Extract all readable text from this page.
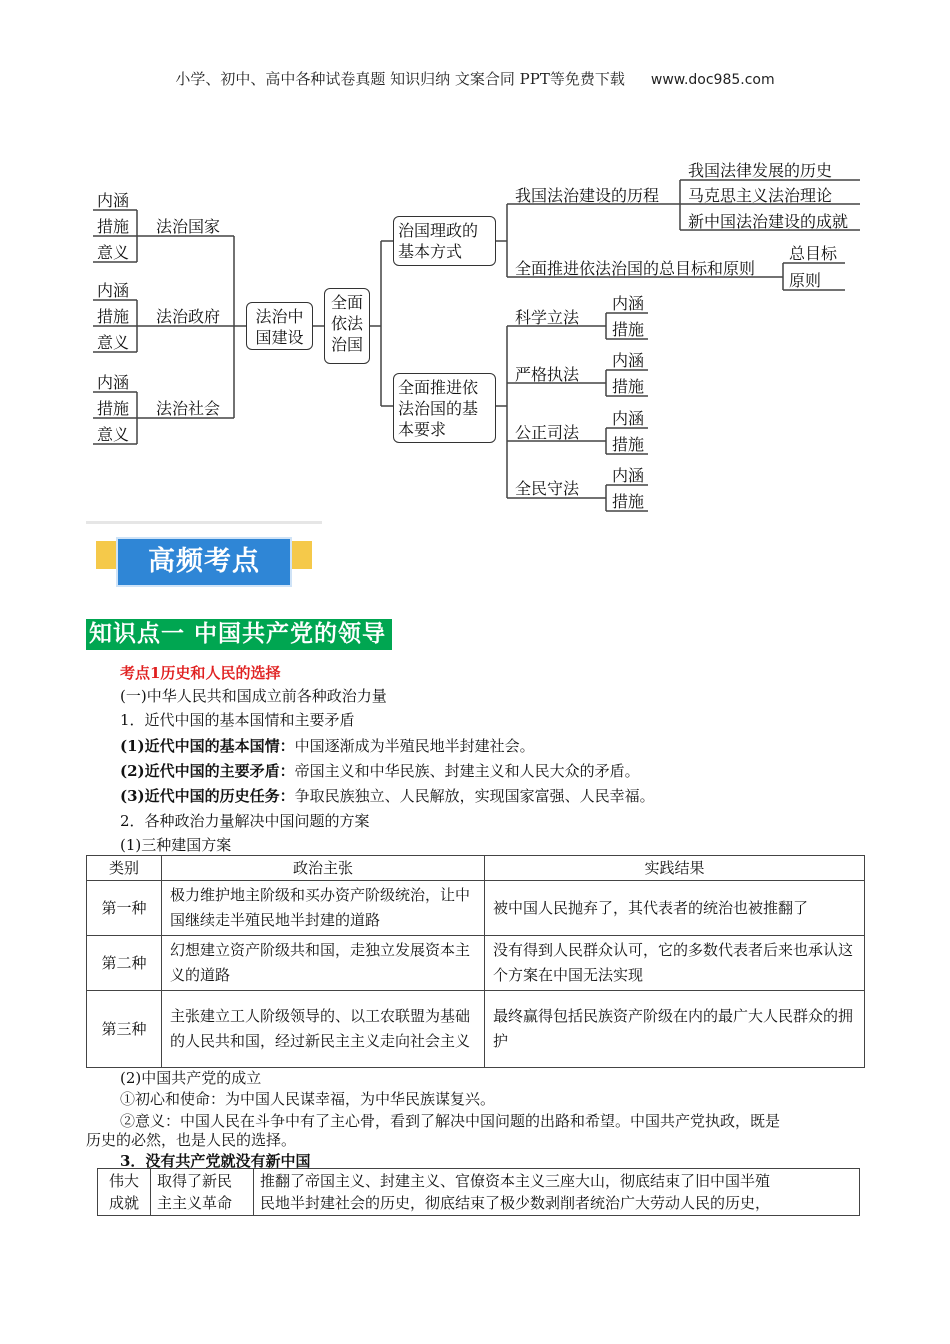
小学、初中、高中各种试卷真题 知识归纳 文案合同 PPT等免费下载 www.doc985.com
内涵
措施
意义
法治国家
内涵
措施
意义
法治政府
内涵
措施
意义
法治社会
法治中国建设
全面依法治国
治国理政的基本方式
全面推进依法治国的基本要求
我国法治建设的历程
我国法律发展的历史
马克思主义法治理论
新中国法治建设的成就
全面推进依法治国的总目标和原则
总目标
原则
科学立法
内涵
措施
严格执法
内涵
措施
公正司法
内涵
措施
全民守法
内涵
措施
高频考点
知识点一 中国共产党的领导
考点1历史和人民的选择
(一)中华人民共和国成立前各种政治力量
1．近代中国的基本国情和主要矛盾
(1)近代中国的基本国情：中国逐渐成为半殖民地半封建社会。
(2)近代中国的主要矛盾：帝国主义和中华民族、封建主义和人民大众的矛盾。
(3)近代中国的历史任务：争取民族独立、人民解放，实现国家富强、人民幸福。
2．各种政治力量解决中国问题的方案
(1)三种建国方案
类别	政治主张	实践结果
第一种	极力维护地主阶级和买办资产阶级统治，让中国继续走半殖民地半封建的道路	被中国人民抛弃了，其代表者的统治也被推翻了
第二种	幻想建立资产阶级共和国，走独立发展资本主义的道路	没有得到人民群众认可，它的多数代表者后来也承认这个方案在中国无法实现
第三种	主张建立工人阶级领导的、以工农联盟为基础的人民共和国，经过新民主主义走向社会主义	最终赢得包括民族资产阶级在内的最广大人民群众的拥护
(2)中国共产党的成立
①初心和使命：为中国人民谋幸福，为中华民族谋复兴。
②意义：中国人民在斗争中有了主心骨，看到了解决中国问题的出路和希望。中国共产党执政，既是
历史的必然，也是人民的选择。
3．没有共产党就没有新中国
伟大
成就

取得了新民
主主义革命

推翻了帝国主义、封建主义、官僚资本主义三座大山，彻底结束了旧中国半殖
民地半封建社会的历史，彻底结束了极少数剥削者统治广大劳动人民的历史，
